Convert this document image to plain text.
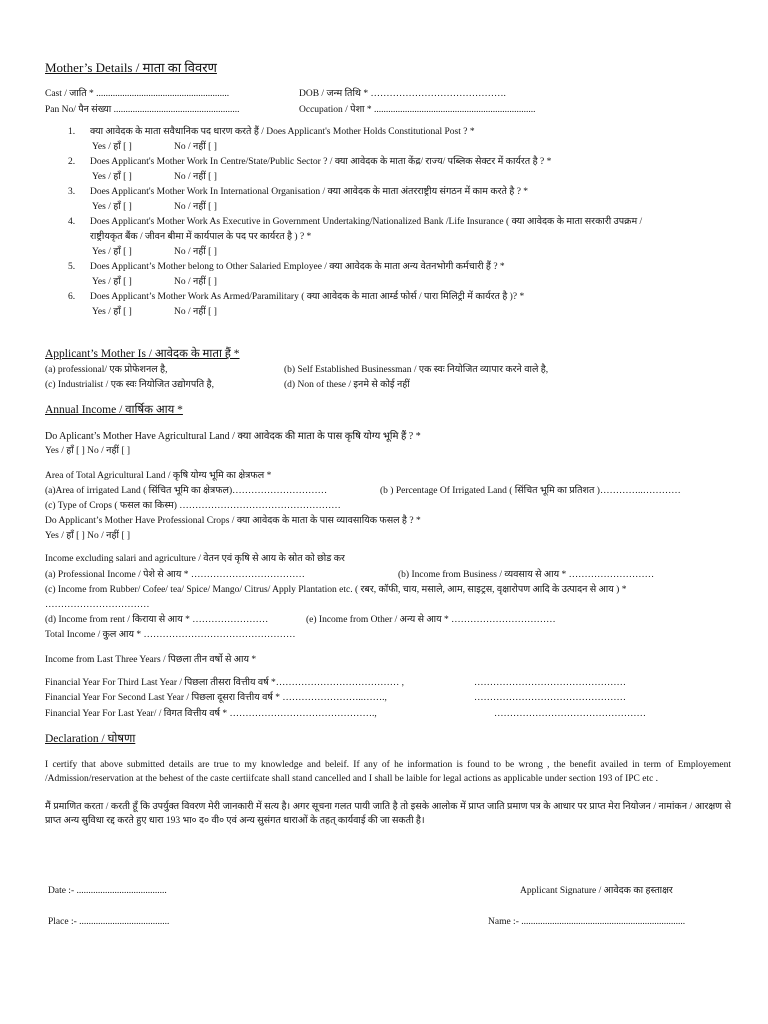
Mother’s Details / माता का विवरण
Cast / जाति * ........................................................	DOB / जन्म तिथि * …………………………………….
Pan No/ पैन संख्या .....................................................	Occupation / पेशा * ....................................................................
1. क्या आवेदक के माता सवैधानिक पद धारण करते हैं / Does Applicant's Mother Holds Constitutional Post ? *
Yes / हाँ [ ]	No / नहीं [ ]
2. Does Applicant's Mother Work In Centre/State/Public Sector ? / क्या आवेदक के माता केंद्र/ राज्य/ पब्लिक सेक्टर में कार्यरत है ? *
Yes / हाँ [ ]	No / नहीं [ ]
3. Does Applicant's Mother Work In International Organisation / क्या आवेदक के माता अंतरराष्ट्रीय संगठन में काम करते है ? *
Yes / हाँ [ ]	No / नहीं [ ]
4. Does Applicant's Mother Work As Executive in Government Undertaking/Nationalized Bank /Life Insurance ( क्या आवेदक के माता सरकारी उपक्रम /
राष्ट्रीयकृत बैंक / जीवन बीमा में कार्यपाल के पद पर कार्यरत है ) ? *
Yes / हाँ [ ]	No / नहीं [ ]
5. Does Applicant’s Mother belong to Other Salaried Employee / क्या आवेदक के माता अन्य वेतनभोगी कर्मचारी हैं ? *
Yes / हाँ [ ]	No / नहीं [ ]
6. Does Applicant’s Mother Work As Armed/Paramilitary ( क्या आवेदक के माता आर्म्ड फोर्स / पारा मिलिट्री में कार्यरत है )? *
Yes / हाँ [ ]	No / नहीं [ ]
Applicant’s Mother Is / आवेदक के माता हैं *
(a) professional/ एक प्रोफेशनल है,	(b) Self Established Businessman / एक स्वः नियोजित व्यापार करने वाले है,
(c) Industrialist / एक स्वः नियोजित उद्योगपति है,	(d) Non of these / इनमे से कोई नहीं
Annual Income / वार्षिक आय *
Do Aplicant’s Mother Have Agricultural Land / क्या आवेदक की माता के पास कृषि योग्य भूमि हैं ? *
Yes / हाँ [ ] No / नहीं [ ]
Area of Total Agricultural Land / कृषि योग्य भूमि का क्षेत्रफल *
(a)Area of irrigated Land ( सिंचित भूमि का क्षेत्रफल)…………………………	(b ) Percentage Of Irrigated Land ( सिंचित भूमि का प्रतिशत )…………..…………
(c) Type of Crops ( फसल का किस्म) ……………………………………………
Do Applicant’s Mother Have Professional Crops / क्या आवेदक के माता के पास व्यावसायिक फसल है ? *
Yes / हाँ [ ] No / नहीं [ ]
Income excluding salari and agriculture / वेतन एवं कृषि से आय के स्रोत को छोड कर
(a) Professional Income / पेशे से आय * ………………………………	(b) Income from Business / व्यवसाय से आय * ………………………
(c) Income from Rubber/ Cofee/ tea/ Spice/ Mango/ Citrus/ Apply Plantation etc. ( रबर, कॉफी, चाय, मसाले, आम, साइट्रस, वृक्षारोपण आदि के उत्पादन से आय ) *
……………………………
(d) Income from rent / किराया से आय * ……………………	(e) Income from Other / अन्य से आय * ……………………………
Total Income / कुल आय * …………………………………………
Income from Last Three Years / पिछला तीन वर्षो से आय *
Financial Year For Third Last Year / पिछला तीसरा वित्तीय वर्ष *………………………………… ,	…………………………………………
Financial Year For Second Last Year / पिछला दूसरा वित्तीय वर्ष * ……………………..…….,	…………………………………………
Financial Year For Last Year/ / विगत वित्तीय वर्ष * ……………………………………….,	…………………………………………
Declaration / घोषणा
I certify that above submitted details are true to my knowledge and beleif. If any of he information is found to be wrong , the benefit availed in term of Employement /Admission/reservation at the behest of the caste certiifcate shall stand cancelled and I shall be laible for legal actions as applicable under section 193 of IPC etc .
मैं प्रमाणित करता / करती हूँ कि उपर्युक्त विवरण मेरी जानकारी में सत्य है। अगर सूचना गलत पायी जाति है तो इसके आलोक में प्राप्त जाति प्रमाण पत्र के आधार पर प्राप्त मेरा नियोजन / नामांकन / आरक्षण से प्राप्त अन्य सुविधा रद्द करते हुए धारा 193 भा० द० वी० एवं अन्य सुसंगत धाराओं के तहत् कार्यवाई की जा सकती है।
Date :- ......................................	Applicant Signature / आवेदक का हस्ताक्षर
Place :- ......................................	Name :- .....................................................................
